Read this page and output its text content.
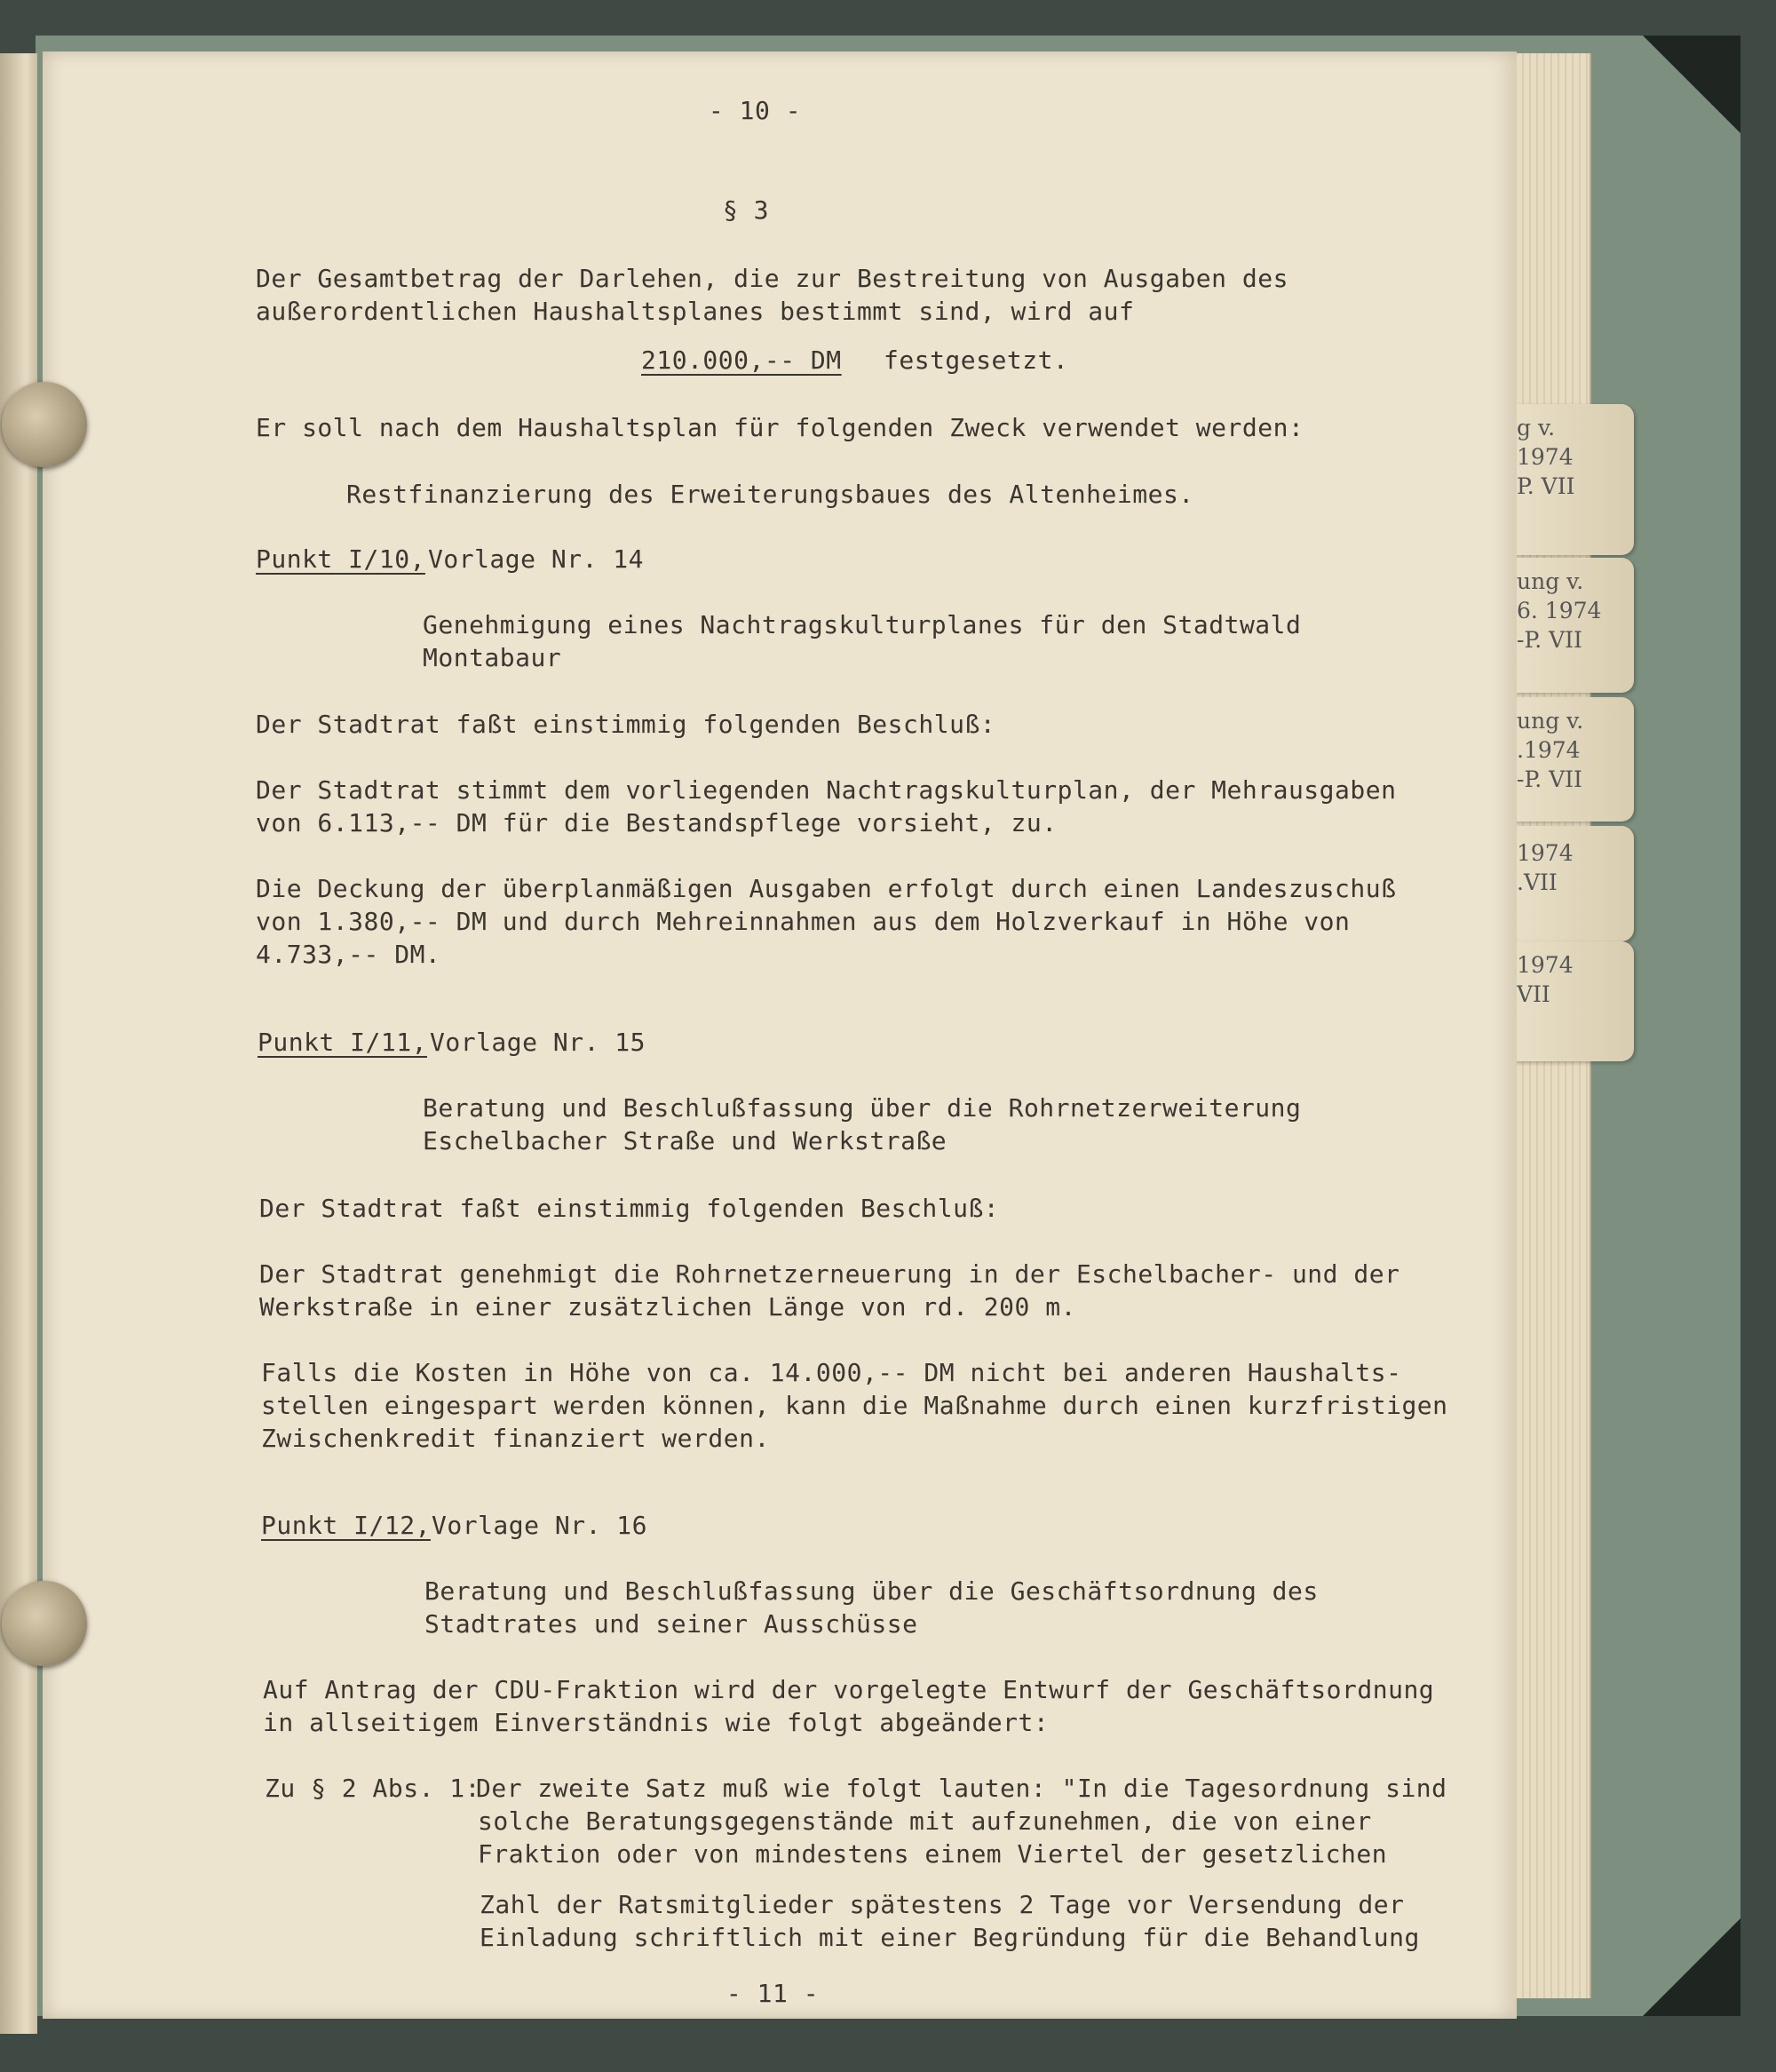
g v.
1974
P. VII
ung v.
6. 1974
-P. VII
ung v.
.1974
-P. VII
1974
.VII
1974
VII

- 10 -

§ 3

Der Gesamtbetrag der Darlehen, die zur Bestreitung von Ausgaben des

außerordentlichen Haushaltsplanes bestimmt sind, wird auf

210.000,-- DM festgesetzt.

Er soll nach dem Haushaltsplan für folgenden Zweck verwendet werden:

Restfinanzierung des Erweiterungsbaues des Altenheimes.

Punkt I/10, Vorlage Nr. 14

Genehmigung eines Nachtragskulturplanes für den Stadtwald

Montabaur

Der Stadtrat faßt einstimmig folgenden Beschluß:

Der Stadtrat stimmt dem vorliegenden Nachtragskulturplan, der Mehrausgaben

von 6.113,-- DM für die Bestandspflege vorsieht, zu.

Die Deckung der überplanmäßigen Ausgaben erfolgt durch einen Landeszuschuß

von 1.380,-- DM und durch Mehreinnahmen aus dem Holzverkauf in Höhe von

4.733,-- DM.

Punkt I/11, Vorlage Nr. 15

Beratung und Beschlußfassung über die Rohrnetzerweiterung

Eschelbacher Straße und Werkstraße

Der Stadtrat faßt einstimmig folgenden Beschluß:

Der Stadtrat genehmigt die Rohrnetzerneuerung in der Eschelbacher- und der

Werkstraße in einer zusätzlichen Länge von rd. 200 m.

Falls die Kosten in Höhe von ca. 14.000,-- DM nicht bei anderen Haushalts-

stellen eingespart werden können, kann die Maßnahme durch einen kurzfristigen

Zwischenkredit finanziert werden.

Punkt I/12, Vorlage Nr. 16

Beratung und Beschlußfassung über die Geschäftsordnung des

Stadtrates und seiner Ausschüsse

Auf Antrag der CDU-Fraktion wird der vorgelegte Entwurf der Geschäftsordnung

in allseitigem Einverständnis wie folgt abgeändert:

Zu § 2 Abs. 1:

Der zweite Satz muß wie folgt lauten: "In die Tagesordnung sind

solche Beratungsgegenstände mit aufzunehmen, die von einer

Fraktion oder von mindestens einem Viertel der gesetzlichen

Zahl der Ratsmitglieder spätestens 2 Tage vor Versendung der

Einladung schriftlich mit einer Begründung für die Behandlung

- 11 -
